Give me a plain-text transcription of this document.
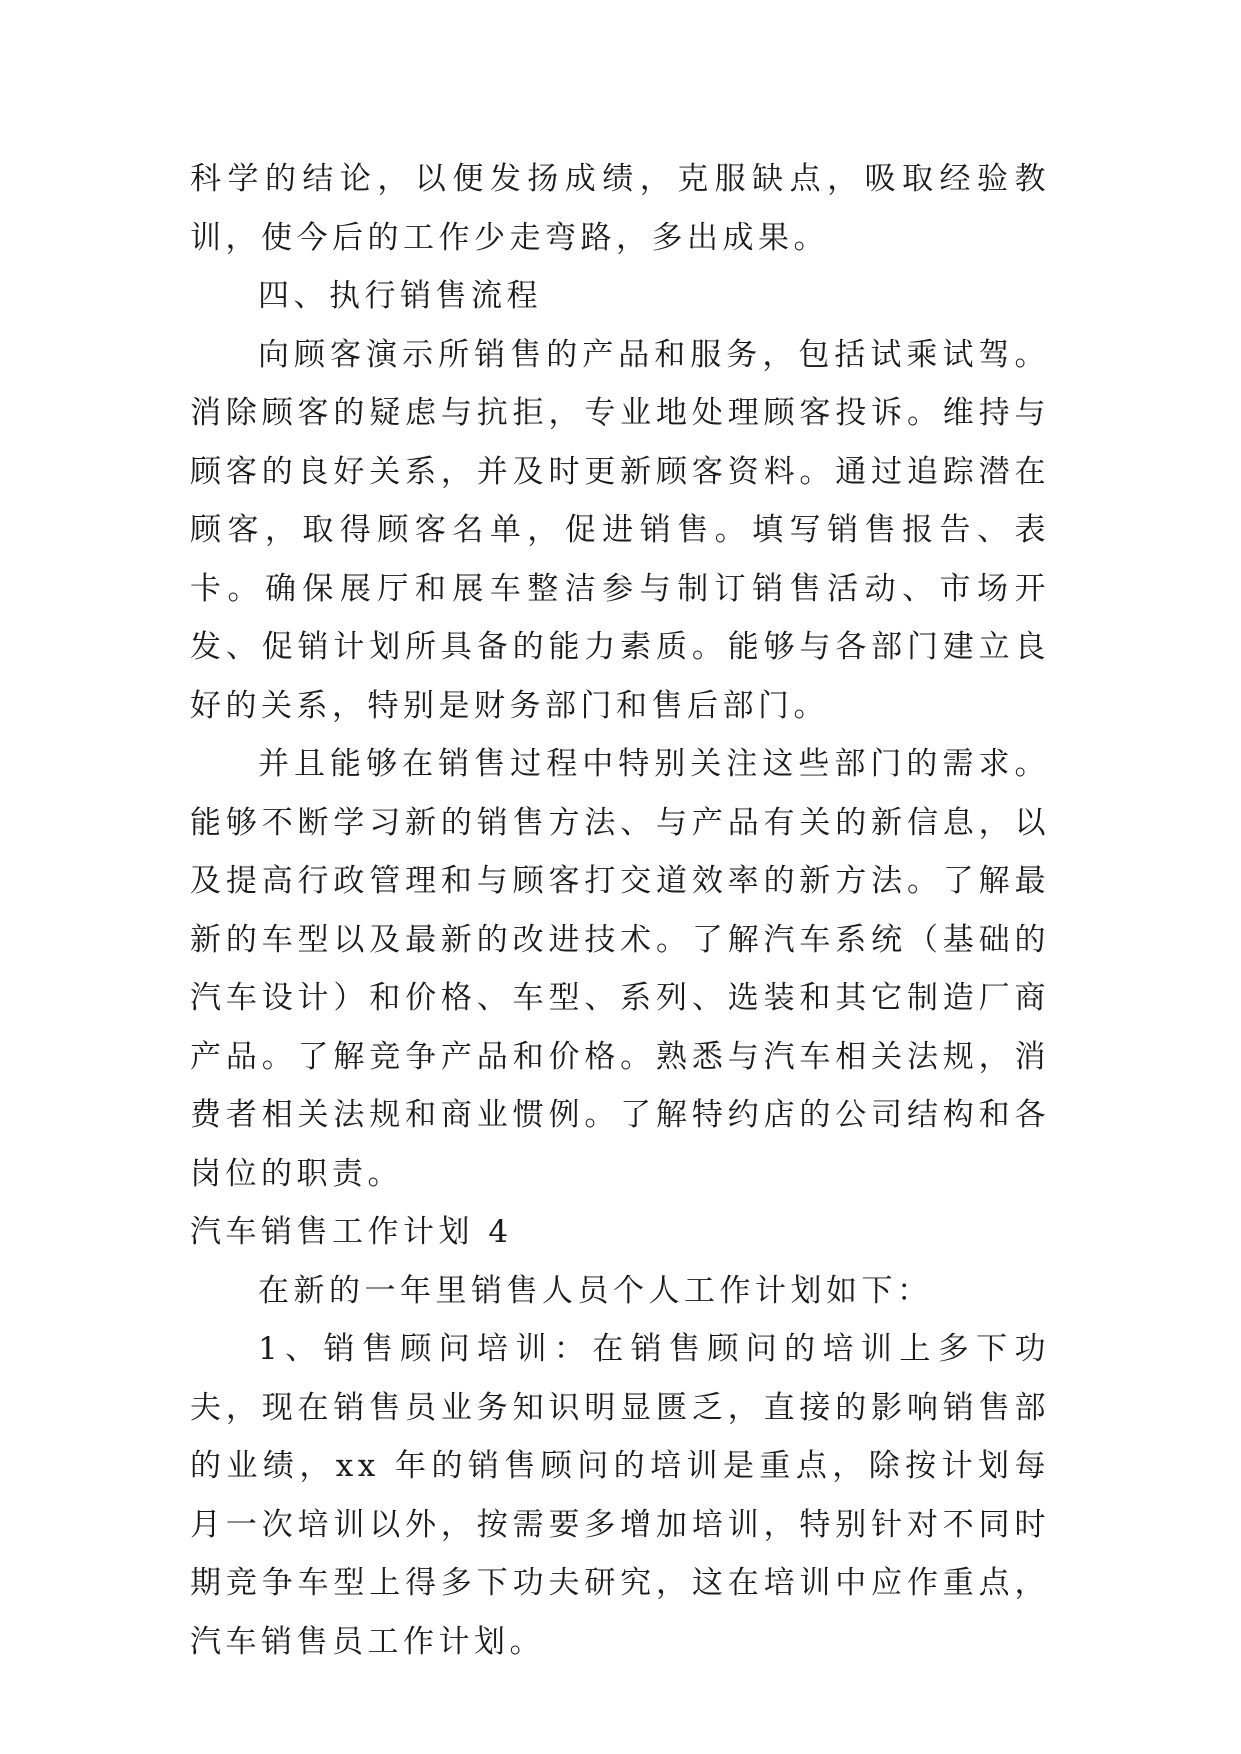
科学的结论，以便发扬成绩，克服缺点，吸取经验教训，使今后的工作少走弯路，多出成果。

四、执行销售流程

向顾客演示所销售的产品和服务，包括试乘试驾。消除顾客的疑虑与抗拒，专业地处理顾客投诉。维持与顾客的良好关系，并及时更新顾客资料。通过追踪潜在顾客，取得顾客名单，促进销售。填写销售报告、表卡。确保展厅和展车整洁参与制订销售活动、市场开发、促销计划所具备的能力素质。能够与各部门建立良好的关系，特别是财务部门和售后部门。

并且能够在销售过程中特别关注这些部门的需求。能够不断学习新的销售方法、与产品有关的新信息，以及提高行政管理和与顾客打交道效率的新方法。了解最新的车型以及最新的改进技术。了解汽车系统（基础的汽车设计）和价格、车型、系列、选装和其它制造厂商产品。了解竞争产品和价格。熟悉与汽车相关法规，消费者相关法规和商业惯例。了解特约店的公司结构和各岗位的职责。

汽车销售工作计划 4

在新的一年里销售人员个人工作计划如下：

1、销售顾问培训：在销售顾问的培训上多下功夫，现在销售员业务知识明显匮乏，直接的影响销售部的业绩，xx 年的销售顾问的培训是重点，除按计划每月一次培训以外，按需要多增加培训，特别针对不同时期竞争车型上得多下功夫研究，这在培训中应作重点，汽车销售员工作计划。
